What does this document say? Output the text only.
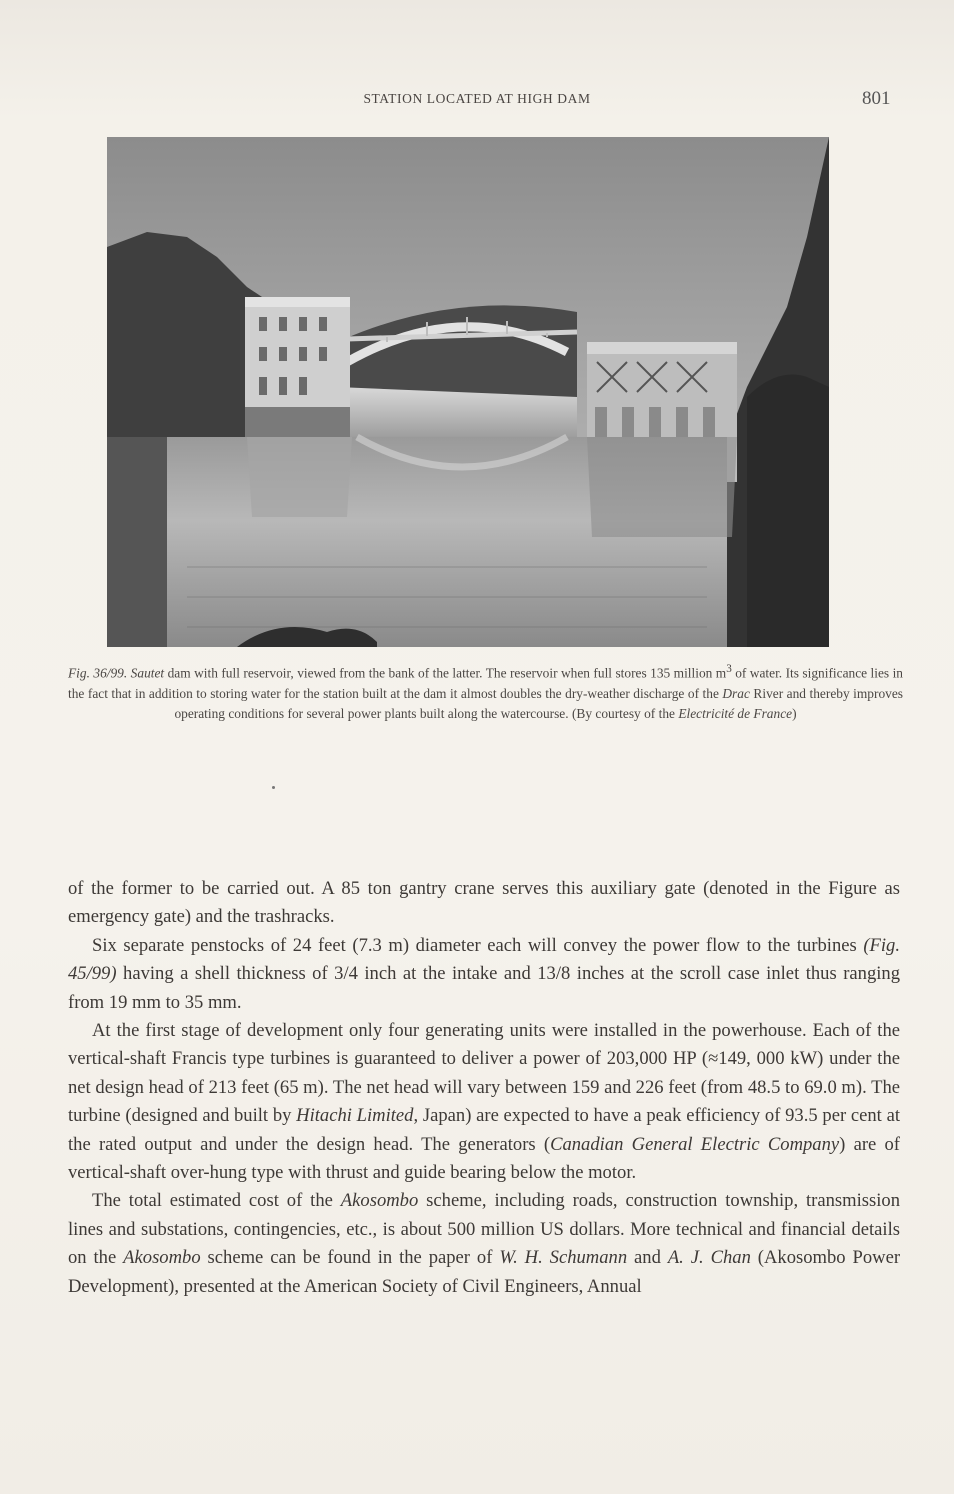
STATION LOCATED AT HIGH DAM	801
Fig. 36/99. Sautet dam with full reservoir, viewed from the bank of the latter. The reservoir when full stores 135 million $m^3$ of water. Its significance lies in the fact that in addition to storing water for the station built at the dam it almost doubles the dry-weather discharge of the Drac River and thereby improves operating conditions for several power plants built along the watercourse. (By courtesy of the Electricité de France)

of the former to be carried out. A 85 ton gantry crane serves this auxiliary gate (denoted in the Figure as emergency gate) and the trashracks.

Six separate penstocks of 24 feet (7.3 m) diameter each will convey the power flow to the turbines (Fig. 45/99) having a shell thickness of 3/4 inch at the intake and 13/8 inches at the scroll case inlet thus ranging from 19 mm to 35 mm.

At the first stage of development only four generating units were installed in the powerhouse. Each of the vertical-shaft Francis type turbines is guaranteed to deliver a power of 203,000 HP (≈149, 000 kW) under the net design head of 213 feet (65 m). The net head will vary between 159 and 226 feet (from 48.5 to 69.0 m). The turbine (designed and built by Hitachi Limited, Japan) are expected to have a peak efficiency of 93.5 per cent at the rated output and under the design head. The generators (Canadian General Electric Company) are of vertical-shaft over-hung type with thrust and guide bearing below the motor.

The total estimated cost of the Akosombo scheme, including roads, construction township, transmission lines and substations, contingencies, etc., is about 500 million US dollars. More technical and financial details on the Akosombo scheme can be found in the paper of W. H. Schumann and A. J. Chan (Akosombo Power Development), presented at the American Society of Civil Engineers, Annual
